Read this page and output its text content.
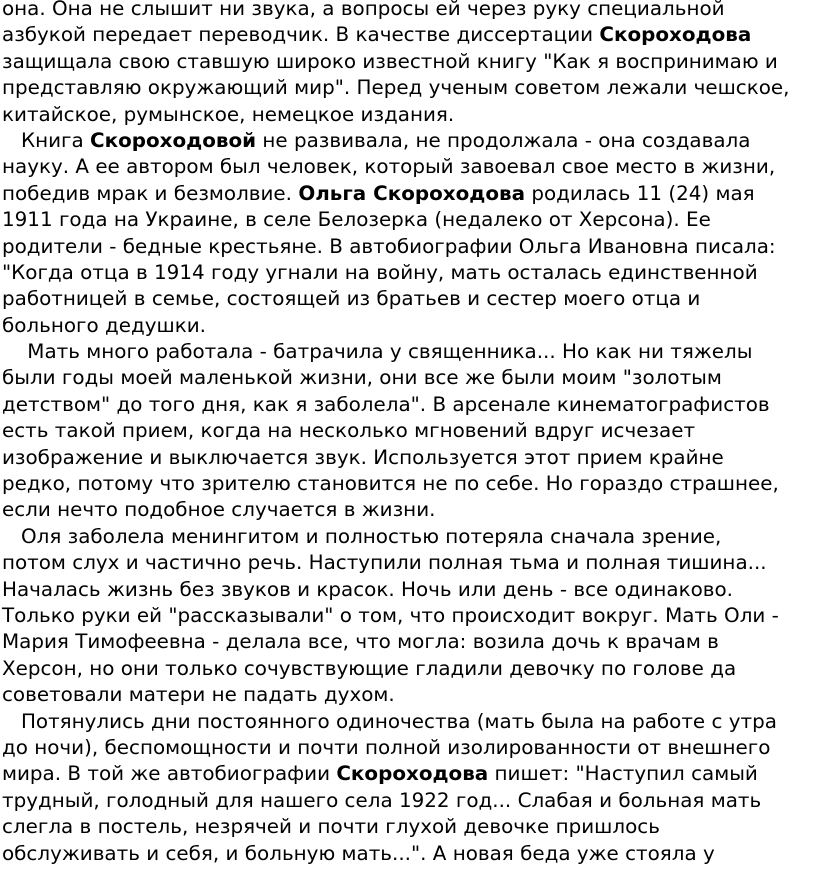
она. Она не слышит ни звука, а вопросы ей через руку специальной
азбукой передает переводчик. В качестве диссертации Скороходова
защищала свою ставшую широко известной книгу "Как я воспринимаю и
представляю окружающий мир". Перед ученым советом лежали чешское,
китайское, румынское, немецкое издания.
Книга Скороходовой не развивала, не продолжала - она создавала
науку. А ее автором был человек, который завоевал свое место в жизни,
победив мрак и безмолвие. Ольга Скороходова родилась 11 (24) мая
1911 года на Украине, в селе Белозерка (недалеко от Херсона). Ее
родители - бедные крестьяне. В автобиографии Ольга Ивановна писала:
"Когда отца в 1914 году угнали на войну, мать осталась единственной
работницей в семье, состоящей из братьев и сестер моего отца и
больного дедушки.
Мать много работала - батрачила у священника... Но как ни тяжелы
были годы моей маленькой жизни, они все же были моим "золотым
детством" до того дня, как я заболела". В арсенале кинематографистов
есть такой прием, когда на несколько мгновений вдруг исчезает
изображение и выключается звук. Используется этот прием крайне
редко, потому что зрителю становится не по себе. Но гораздо страшнее,
если нечто подобное случается в жизни.
Оля заболела менингитом и полностью потеряла сначала зрение,
потом слух и частично речь. Наступили полная тьма и полная тишина...
Началась жизнь без звуков и красок. Ночь или день - все одинаково.
Только руки ей "рассказывали" о том, что происходит вокруг. Мать Оли -
Мария Тимофеевна - делала все, что могла: возила дочь к врачам в
Херсон, но они только сочувствующие гладили девочку по голове да
советовали матери не падать духом.
Потянулись дни постоянного одиночества (мать была на работе с утра
до ночи), беспомощности и почти полной изолированности от внешнего
мира. В той же автобиографии Скороходова пишет: "Наступил самый
трудный, голодный для нашего села 1922 год... Слабая и больная мать
слегла в постель, незрячей и почти глухой девочке пришлось
обслуживать и себя, и больную мать...". А новая беда уже стояла у
